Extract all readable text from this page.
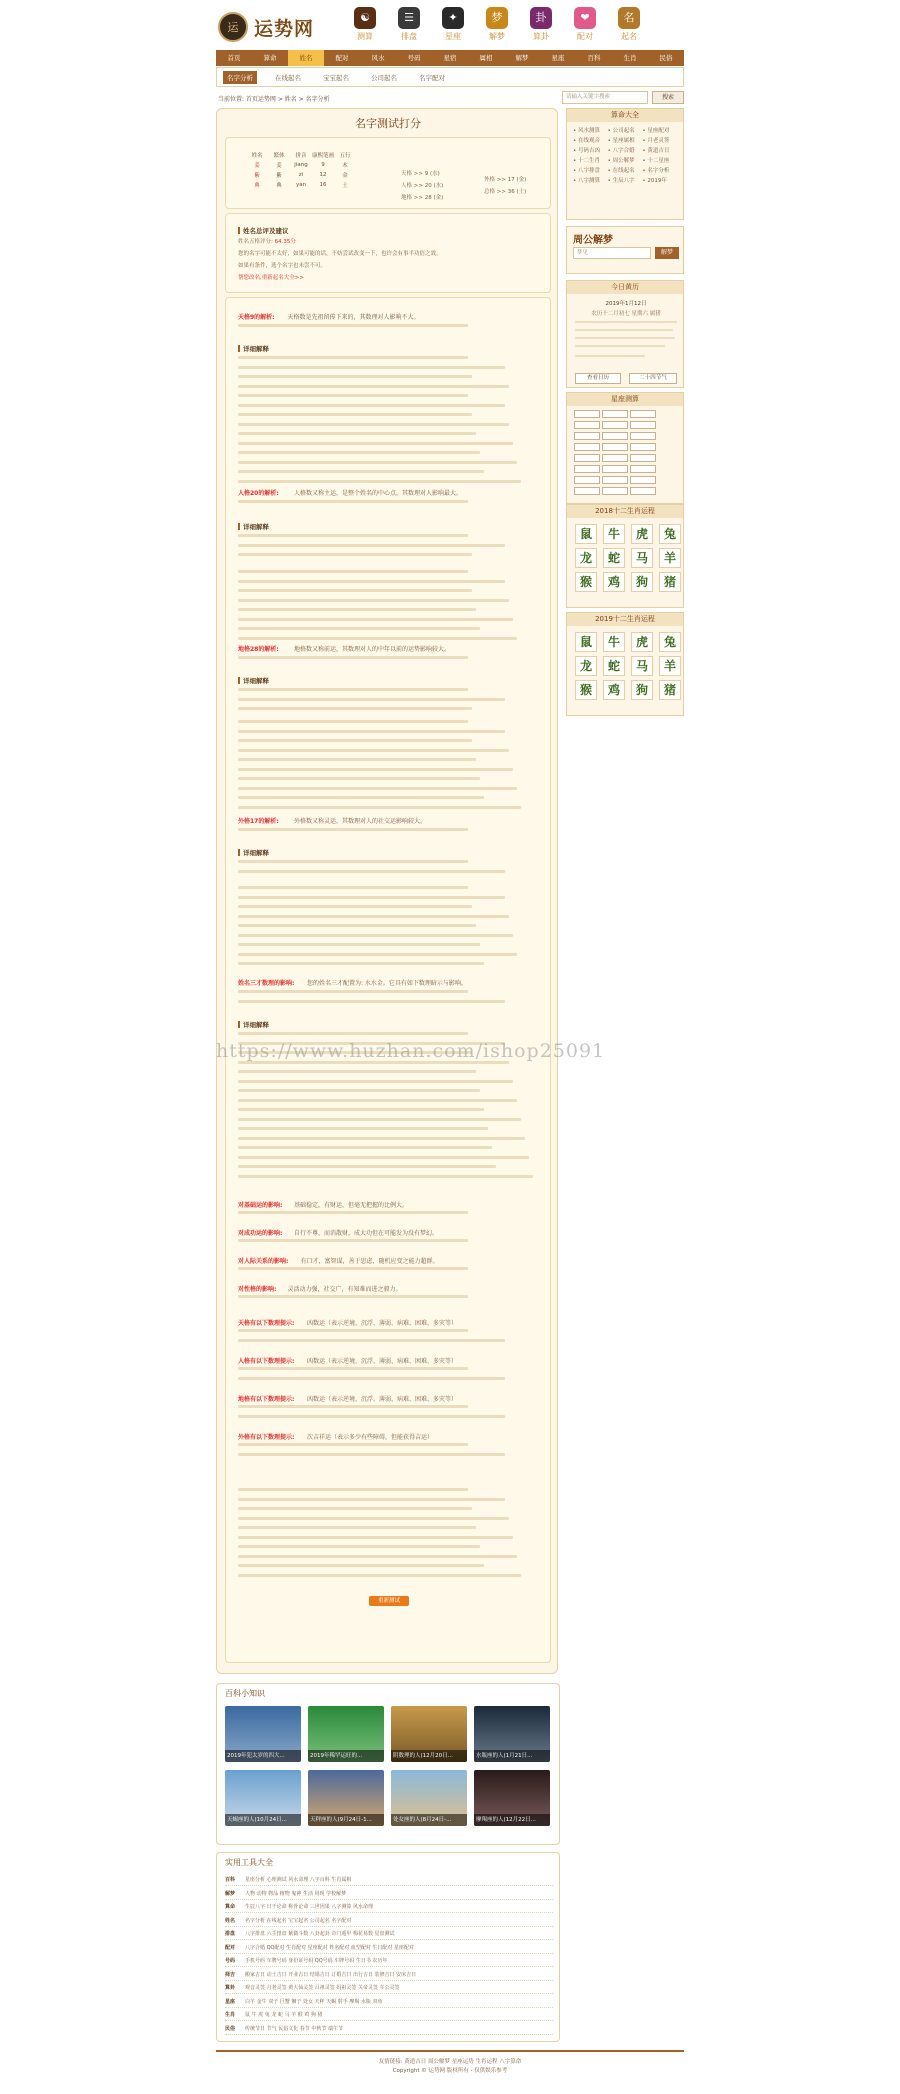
运 运势网	☯
测算
☰
排盘
✦
星座
梦
解梦
卦
算卦
❤
配对
名
起名
首页	算命	姓名	配对	风水	号码	星宿	属相	解梦	星座	百科	生肖	民俗
名字分析	在线起名	宝宝起名	公司起名	名字配对
当前位置: 首页运势网 > 姓名 > 名字分析	请输入关键字搜索	搜索
名字测试打分
姓名	繁体	拼音	康熙笔画	五行
姜	姜	jiang	9	木
紫	紫	zi	12	金
典	典	yan	16	土
天格 >> 9 (水)
人格 >> 20 (水)
地格 >> 28 (金)
外格 >> 17 (金)
总格 >> 36 (土)
姓名总评及建议
姓名五格评分: 64.35分
您的名字可能不太好，如果可能的话，不妨尝试改变一下，也许会有事半功倍之效。
如果有条件，选个名字也未尝不可。
帮您改名,重新起名大全>>
天格9的解析: 天格数是先祖留传下来的，其数理对人影响不大。
详细解释
人格20的解析:	人格数又称主运，是整个姓名的中心点，其数理对人影响最大。
详细解释
地格28的解析:	地格数又称前运，其数理对人的中年以前的运势影响较大。
详细解释
外格17的解析:	外格数又称灵运，其数理对人的社交运影响较大。
详细解释
姓名三才数理的影响: 您的姓名三才配置为: 水水金。它具有如下数理暗示与影响。
详细解释
对基础运的影响: 基础稳定，有财运，但毫无把握的比例大。
对成功运的影响: 自行不尊，而消散财，成大功但在可能发为没有梦幻。
对人际关系的影响: 有口才，富智谋，善于思虑，随机应变之能力超群。
对性格的影响: 灵活动力强，社交广，有知难而进之毅力。
天格有以下数理提示: 凶数运（表示逆境、沉浮、薄弱、病难、困难、多灾等）
人格有以下数理提示: 凶数运（表示逆境、沉浮、薄弱、病难、困难、多灾等）
地格有以下数理提示: 凶数运（表示逆境、沉浮、薄弱、病难、困难、多灾等）
外格有以下数理提示: 次吉祥运（表示多少有些障碍，但能获得吉运）
重新测试
算命大全
• 风水测算	• 公司起名	• 星座配对
• 在线观音	• 星座属相	• 月老灵签
• 号码吉凶	• 八字合婚	• 黄道吉日
• 十二生肖	• 周公解梦	• 十二星座
• 八字排盘	• 在线起名	• 名字分析
• 八字测算	• 生辰八字	• 2019年
周公解梦
梦见	解梦
今日黄历
2019年1月12日
农历十二月初七 星期六 属猪
查看日历	二十四节气
星座测算
2018十二生肖运程
鼠	牛	虎	兔
龙	蛇	马	羊
猴	鸡	狗	猪
2019十二生肖运程
鼠	牛	虎	兔
龙	蛇	马	羊
猴	鸡	狗	猪
百科小知识
2019年犯太岁的四大...	2019年稀罕运旺的...	阴数理的人(12月20日...	水瓶座的人(1月21日...
天蝎座的人(10月24日...	天秤座的人(9月24日-1...	处女座的人(8月24日-...	摩羯座的人(12月22日...
实用工具大全
百科 星座分析 心理测试 风水命理 八字百科 生肖属相
解梦 人物 动物 物品 植物 鬼神 生活 用现 学校解梦
算命 生辰八字 日干论命 称骨论命 三世因果 八字测算 风水命理
姓名 名字分析 在线起名 宝宝起名 公司起名 名字配对
排盘 八字排盘 六壬排盘 紫微斗数 八卦起卦 奇门遁甲 梅花易数 星盘测试
配对 八字合婚 QQ配对 生肖配对 星座配对 姓名配对 血型配对 生日配对 星座配对
号码 手机号码 车牌号码 身份证号码 QQ号码 车牌号码 生日书 农历年
择吉 搬家吉日 动土吉日 开业吉日 结婚吉日 订婚吉日 出行吉日 装修吉日 安床吉日
算卦 观音灵签 月老灵签 黄大仙灵签 吕祖灵签 妈祖灵签 关帝灵签 车公灵签
星座 白羊 金牛 双子 巨蟹 狮子 处女 天秤 天蝎 射手 摩羯 水瓶 双鱼
生肖 鼠 牛 虎 兔 龙 蛇 马 羊 猴 鸡 狗 猪
民俗 传统节日 节气 民俗文化 春节 中秋节 端午节
友情链接: 黄道吉日 周公解梦 星座运势 生肖运程 八字算命
Copyright © 运势网 版权所有 - 仅供娱乐参考
https://www.huzhan.com/ishop25091
